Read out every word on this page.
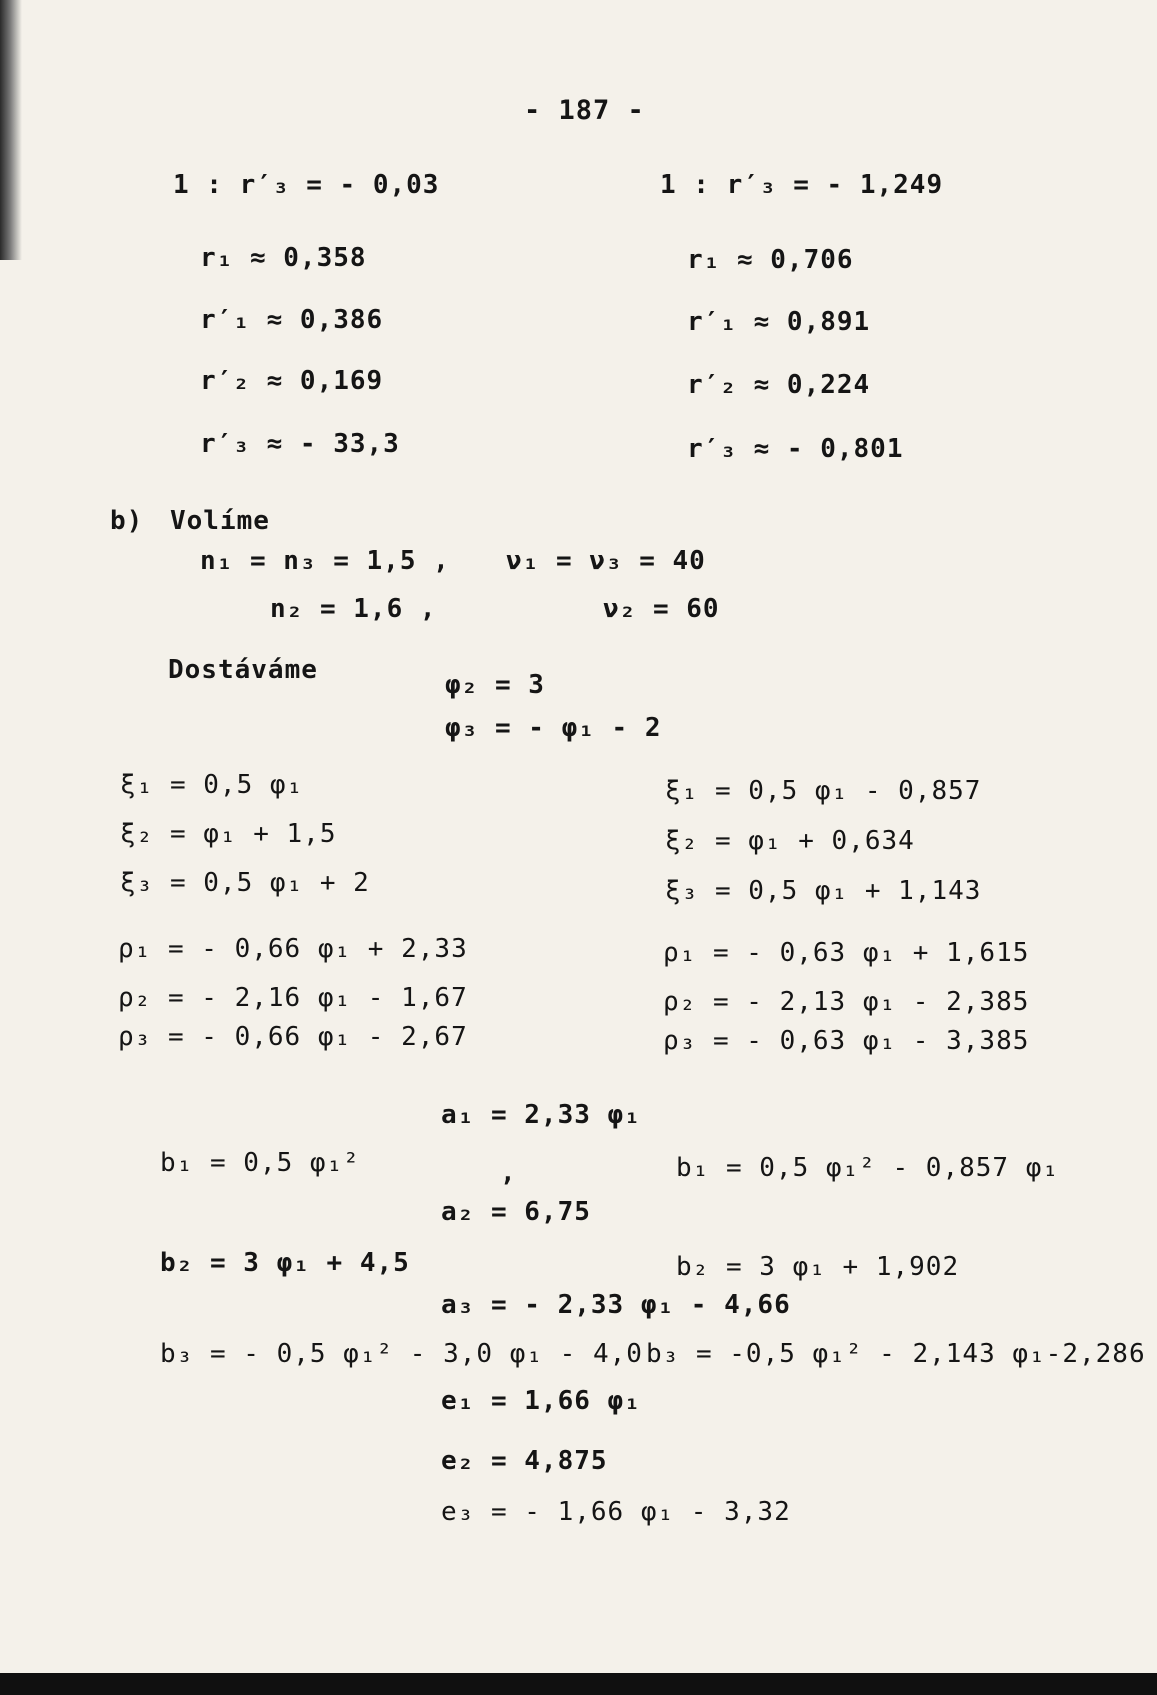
- 187 -
1 : r′₃ = - 0,03
r₁ ≈ 0,358
r′₁ ≈ 0,386
r′₂ ≈ 0,169
r′₃ ≈ - 33,3
1 : r′₃ = - 1,249
r₁ ≈ 0,706
r′₁ ≈ 0,891
r′₂ ≈ 0,224
r′₃ ≈ - 0,801
b) Volíme
n₁ = n₃ = 1,5 ,
n₂ = 1,6 ,
ν₁ = ν₃ = 40
ν₂ = 60
Dostáváme	φ₂ = 3
φ₃ = - φ₁ - 2
ξ₁ = 0,5 φ₁
ξ₂ = φ₁ + 1,5
ξ₃ = 0,5 φ₁ + 2
ξ₁ = 0,5 φ₁ - 0,857
ξ₂ = φ₁ + 0,634
ξ₃ = 0,5 φ₁ + 1,143
ρ₁ = - 0,66 φ₁ + 2,33
ρ₂ = - 2,16 φ₁ - 1,67
ρ₃ = - 0,66 φ₁ - 2,67
ρ₁ = - 0,63 φ₁ + 1,615
ρ₂ = - 2,13 φ₁ - 2,385
ρ₃ = - 0,63 φ₁ - 3,385
a₁ = 2,33 φ₁
b₁ = 0,5 φ₁²	,	b₁ = 0,5 φ₁² - 0,857 φ₁
a₂ = 6,75
b₂ = 3 φ₁ + 4,5	b₂ = 3 φ₁ + 1,902
a₃ = - 2,33 φ₁ - 4,66
b₃ = - 0,5 φ₁² - 3,0 φ₁ - 4,0 b₃ = -0,5 φ₁² - 2,143 φ₁-2,286
e₁ = 1,66 φ₁
e₂ = 4,875
e₃ = - 1,66 φ₁ - 3,32
